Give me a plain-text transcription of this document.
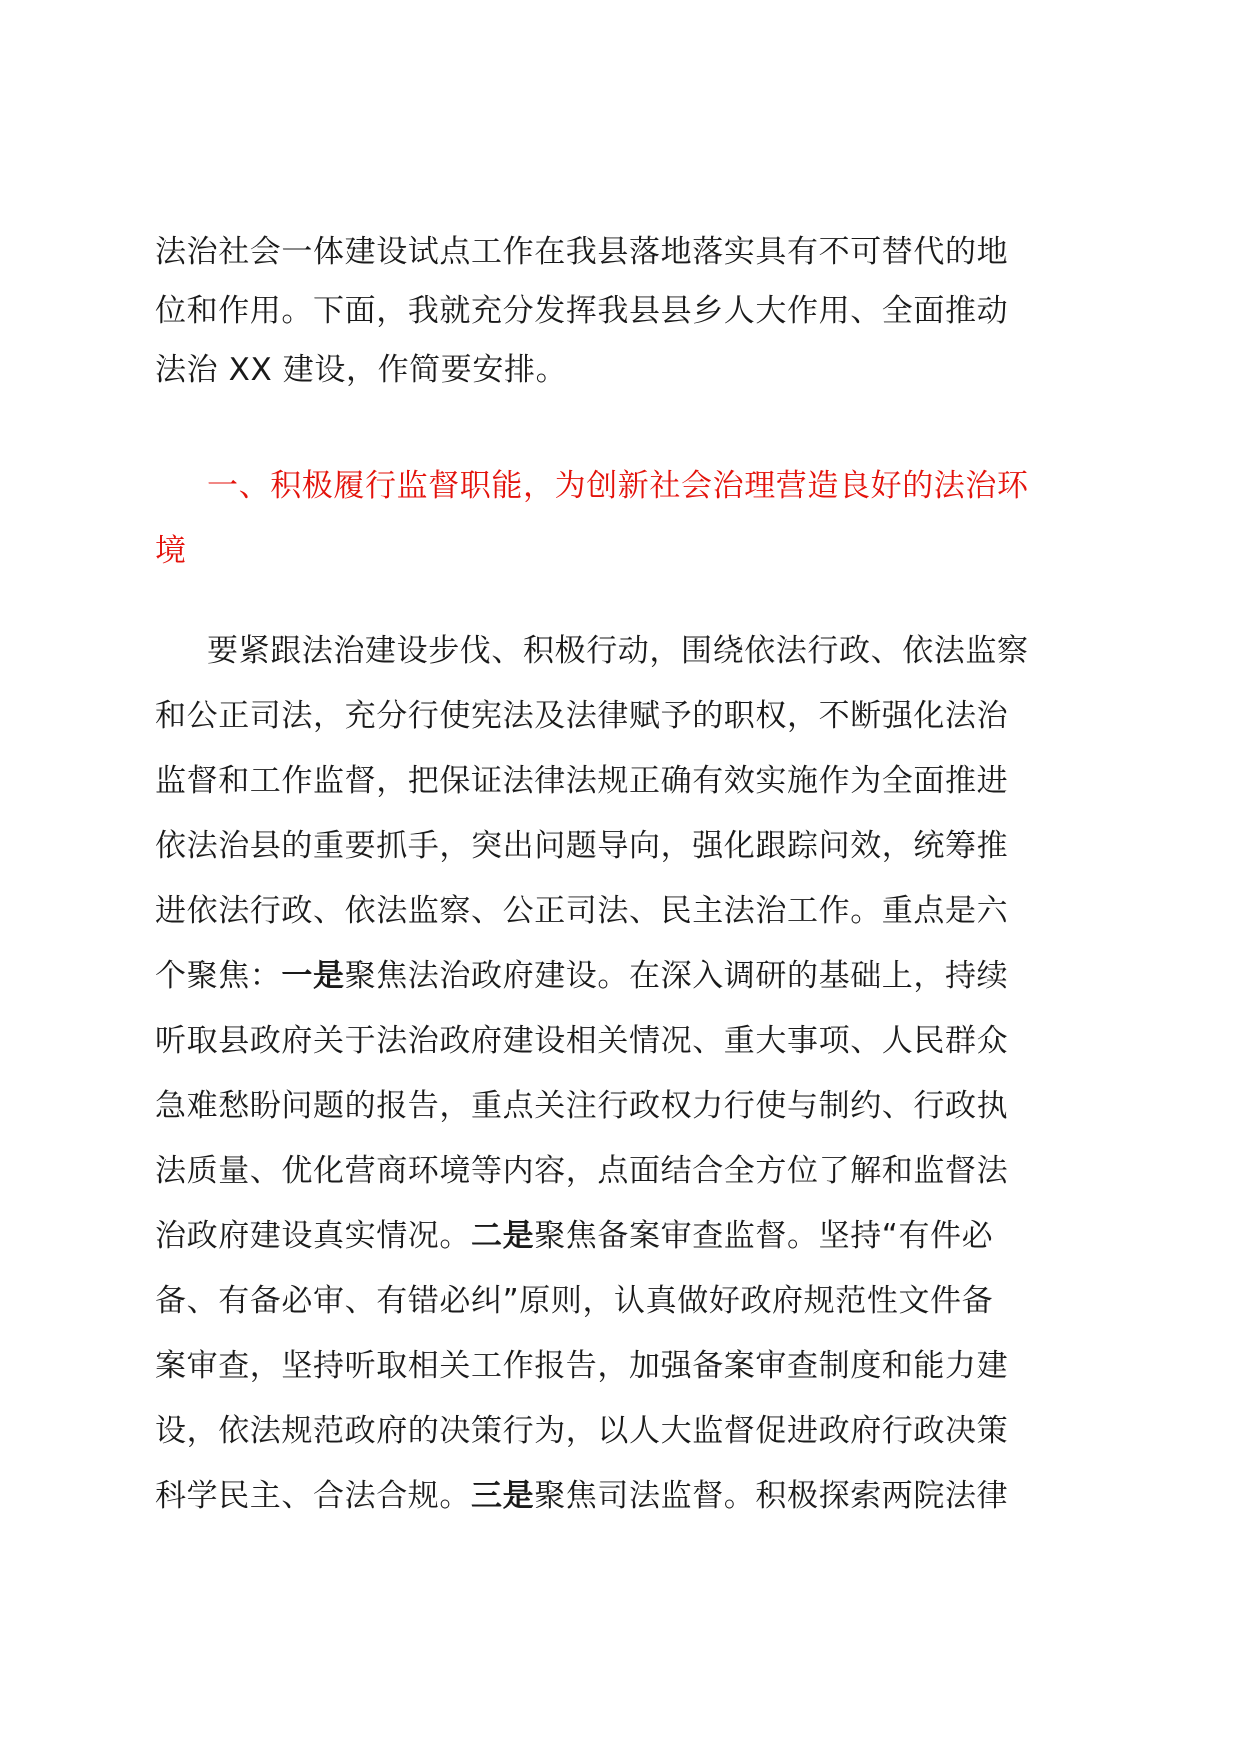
法治社会一体建设试点工作在我县落地落实具有不可替代的地
位和作用。下面，我就充分发挥我县县乡人大作用、全面推动
法治 XX 建设，作简要安排。
一、积极履行监督职能，为创新社会治理营造良好的法治环
境
要紧跟法治建设步伐、积极行动，围绕依法行政、依法监察
和公正司法，充分行使宪法及法律赋予的职权，不断强化法治
监督和工作监督，把保证法律法规正确有效实施作为全面推进
依法治县的重要抓手，突出问题导向，强化跟踪问效，统筹推
进依法行政、依法监察、公正司法、民主法治工作。重点是六
个聚焦：一是聚焦法治政府建设。在深入调研的基础上，持续
听取县政府关于法治政府建设相关情况、重大事项、人民群众
急难愁盼问题的报告，重点关注行政权力行使与制约、行政执
法质量、优化营商环境等内容，点面结合全方位了解和监督法
治政府建设真实情况。二是聚焦备案审查监督。坚持“有件必
备、有备必审、有错必纠”原则，认真做好政府规范性文件备
案审查，坚持听取相关工作报告，加强备案审查制度和能力建
设，依法规范政府的决策行为，以人大监督促进政府行政决策
科学民主、合法合规。三是聚焦司法监督。积极探索两院法律
